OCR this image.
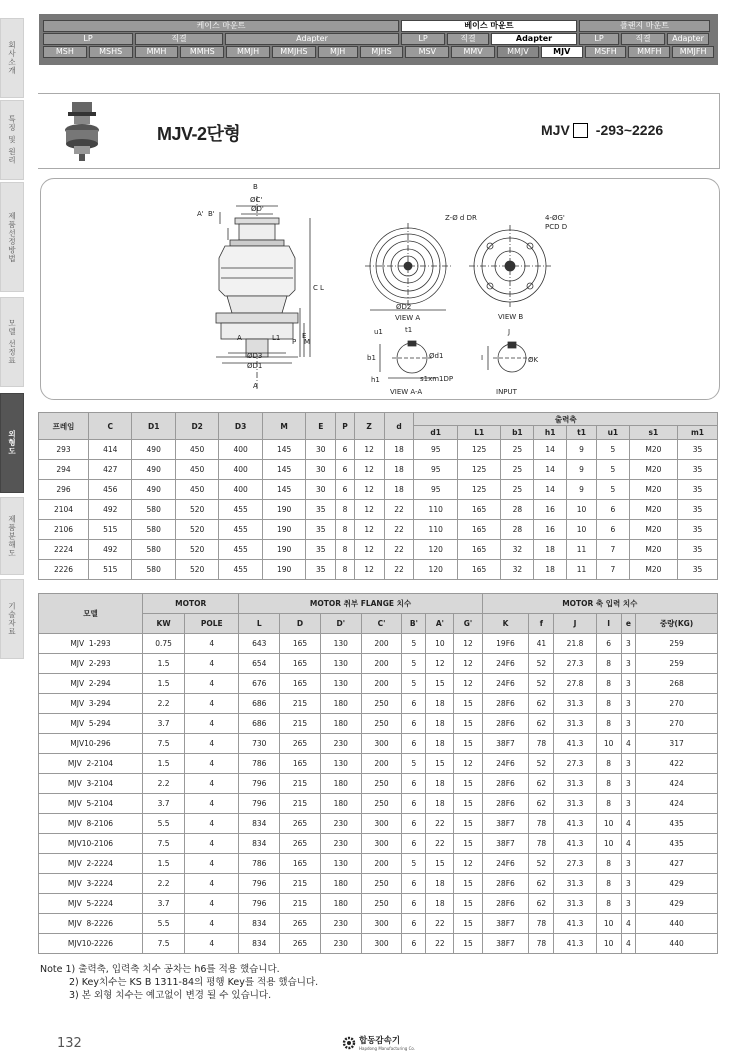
회사소개
특징 및 원리
제품선정방법
모델 선정표
외형도
제품분해도
기술자료
케이스 마운트	베이스 마운트	플랜지 마운트
LP	직결	Adapter	LP	직결	Adapter	LP	직결	Adapter
MSH	MSHS	MMH	MMHS	MMJH	MMJHS	MJH	MJHS	MSV	MMV	MMJV	MJV	MSFH	MMFH	MMJFH
MJV-2단형	MJV -293~2226
B
ØC'
ØD'
A' B'
C
E
P M
L
A	L1
ØD3
ØD1
A
Z-Ø d DR
ØD2
VIEW A
4-ØG'
PCD D
VIEW B
u1	t1
b1
h1
Ød1
s1xm1DP
VIEW A-A
J
I	ØK
INPUT
프레임	C	D1	D2	D3	M	E	P	Z	d	출력축							
										d1	L1	b1	h1	t1	u1	s1	m1
293	414	490	450	400	145	30	6	12	18	95	125	25	14	9	5	M20	35
294	427	490	450	400	145	30	6	12	18	95	125	25	14	9	5	M20	35
296	456	490	450	400	145	30	6	12	18	95	125	25	14	9	5	M20	35
2104	492	580	520	455	190	35	8	12	22	110	165	28	16	10	6	M20	35
2106	515	580	520	455	190	35	8	12	22	110	165	28	16	10	6	M20	35
2224	492	580	520	455	190	35	8	12	22	120	165	32	18	11	7	M20	35
2226	515	580	520	455	190	35	8	12	22	120	165	32	18	11	7	M20	35
모델	MOTOR		MOTOR 취부 FLANGE 치수							MOTOR 축 입력 치수					
	KW	POLE	L	D	D'	C'	B'	A'	G'	K	f	J	I	e	중량(KG)
MJV  1-293	0.75	4	643	165	130	200	5	10	12	19F6	41	21.8	6	3	259
MJV  2-293	1.5	4	654	165	130	200	5	12	12	24F6	52	27.3	8	3	259
MJV  2-294	1.5	4	676	165	130	200	5	15	12	24F6	52	27.8	8	3	268
MJV  3-294	2.2	4	686	215	180	250	6	18	15	28F6	62	31.3	8	3	270
MJV  5-294	3.7	4	686	215	180	250	6	18	15	28F6	62	31.3	8	3	270
MJV10-296	7.5	4	730	265	230	300	6	18	15	38F7	78	41.3	10	4	317
MJV  2-2104	1.5	4	786	165	130	200	5	15	12	24F6	52	27.3	8	3	422
MJV  3-2104	2.2	4	796	215	180	250	6	18	15	28F6	62	31.3	8	3	424
MJV  5-2104	3.7	4	796	215	180	250	6	18	15	28F6	62	31.3	8	3	424
MJV  8-2106	5.5	4	834	265	230	300	6	22	15	38F7	78	41.3	10	4	435
MJV10-2106	7.5	4	834	265	230	300	6	22	15	38F7	78	41.3	10	4	435
MJV  2-2224	1.5	4	786	165	130	200	5	15	12	24F6	52	27.3	8	3	427
MJV  3-2224	2.2	4	796	215	180	250	6	18	15	28F6	62	31.3	8	3	429
MJV  5-2224	3.7	4	796	215	180	250	6	18	15	28F6	62	31.3	8	3	429
MJV  8-2226	5.5	4	834	265	230	300	6	22	15	38F7	78	41.3	10	4	440
MJV10-2226	7.5	4	834	265	230	300	6	22	15	38F7	78	41.3	10	4	440
Note 1) 출력축, 입력축 치수 공차는 h6를 적용 했습니다.
2) Key치수는 KS B 1311-84의 평행 Key를 적용 했습니다.
3) 본 외형 치수는 예고없이 변경 될 수 있습니다.
132	합동감속기
Hapdong Manufacturing Co.
